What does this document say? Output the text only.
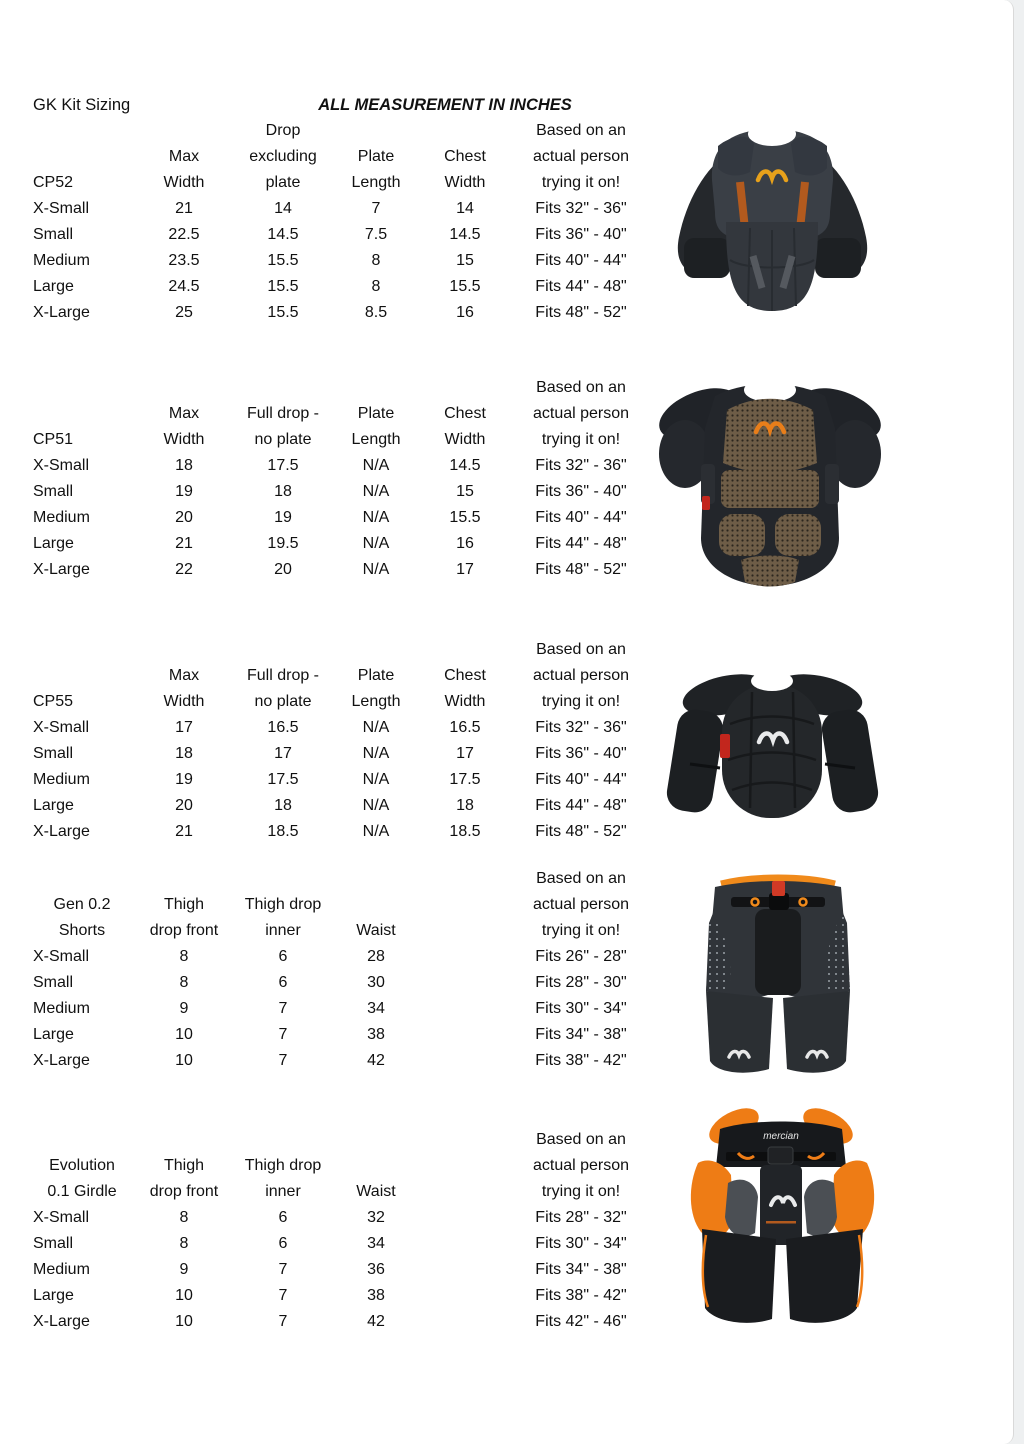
GK Kit Sizing	ALL MEASUREMENT IN INCHES
Drop	Based on an
Max	excluding	Plate	Chest	actual person
CP52	Width	plate	Length	Width	trying it on!
X-Small	21	14	7	14	Fits 32" - 36"
Small	22.5	14.5	7.5	14.5	Fits 36" - 40"
Medium	23.5	15.5	8	15	Fits 40" - 44"
Large	24.5	15.5	8	15.5	Fits 44" - 48"
X-Large	25	15.5	8.5	16	Fits 48" - 52"
Based on an
Max	Full drop -	Plate	Chest	actual person
CP51	Width	no plate	Length	Width	trying it on!
X-Small	18	17.5	N/A	14.5	Fits 32" - 36"
Small	19	18	N/A	15	Fits 36" - 40"
Medium	20	19	N/A	15.5	Fits 40" - 44"
Large	21	19.5	N/A	16	Fits 44" - 48"
X-Large	22	20	N/A	17	Fits 48" - 52"
Based on an
Max	Full drop -	Plate	Chest	actual person
CP55	Width	no plate	Length	Width	trying it on!
X-Small	17	16.5	N/A	16.5	Fits 32" - 36"
Small	18	17	N/A	17	Fits 36" - 40"
Medium	19	17.5	N/A	17.5	Fits 40" - 44"
Large	20	18	N/A	18	Fits 44" - 48"
X-Large	21	18.5	N/A	18.5	Fits 48" - 52"
Based on an
Gen 0.2	Thigh	Thigh drop	actual person
Shorts	drop front	inner	Waist	trying it on!
X-Small	8	6	28	Fits 26" - 28"
Small	8	6	30	Fits 28" - 30"
Medium	9	7	34	Fits 30" - 34"
Large	10	7	38	Fits 34" - 38"
X-Large	10	7	42	Fits 38" - 42"
Based on an
Evolution	Thigh	Thigh drop	actual person
0.1 Girdle	drop front	inner	Waist	trying it on!
X-Small	8	6	32	Fits 28" - 32"
Small	8	6	34	Fits 30" - 34"
Medium	9	7	36	Fits 34" - 38"
Large	10	7	38	Fits 38" - 42"
X-Large	10	7	42	Fits 42" - 46"
mercian
